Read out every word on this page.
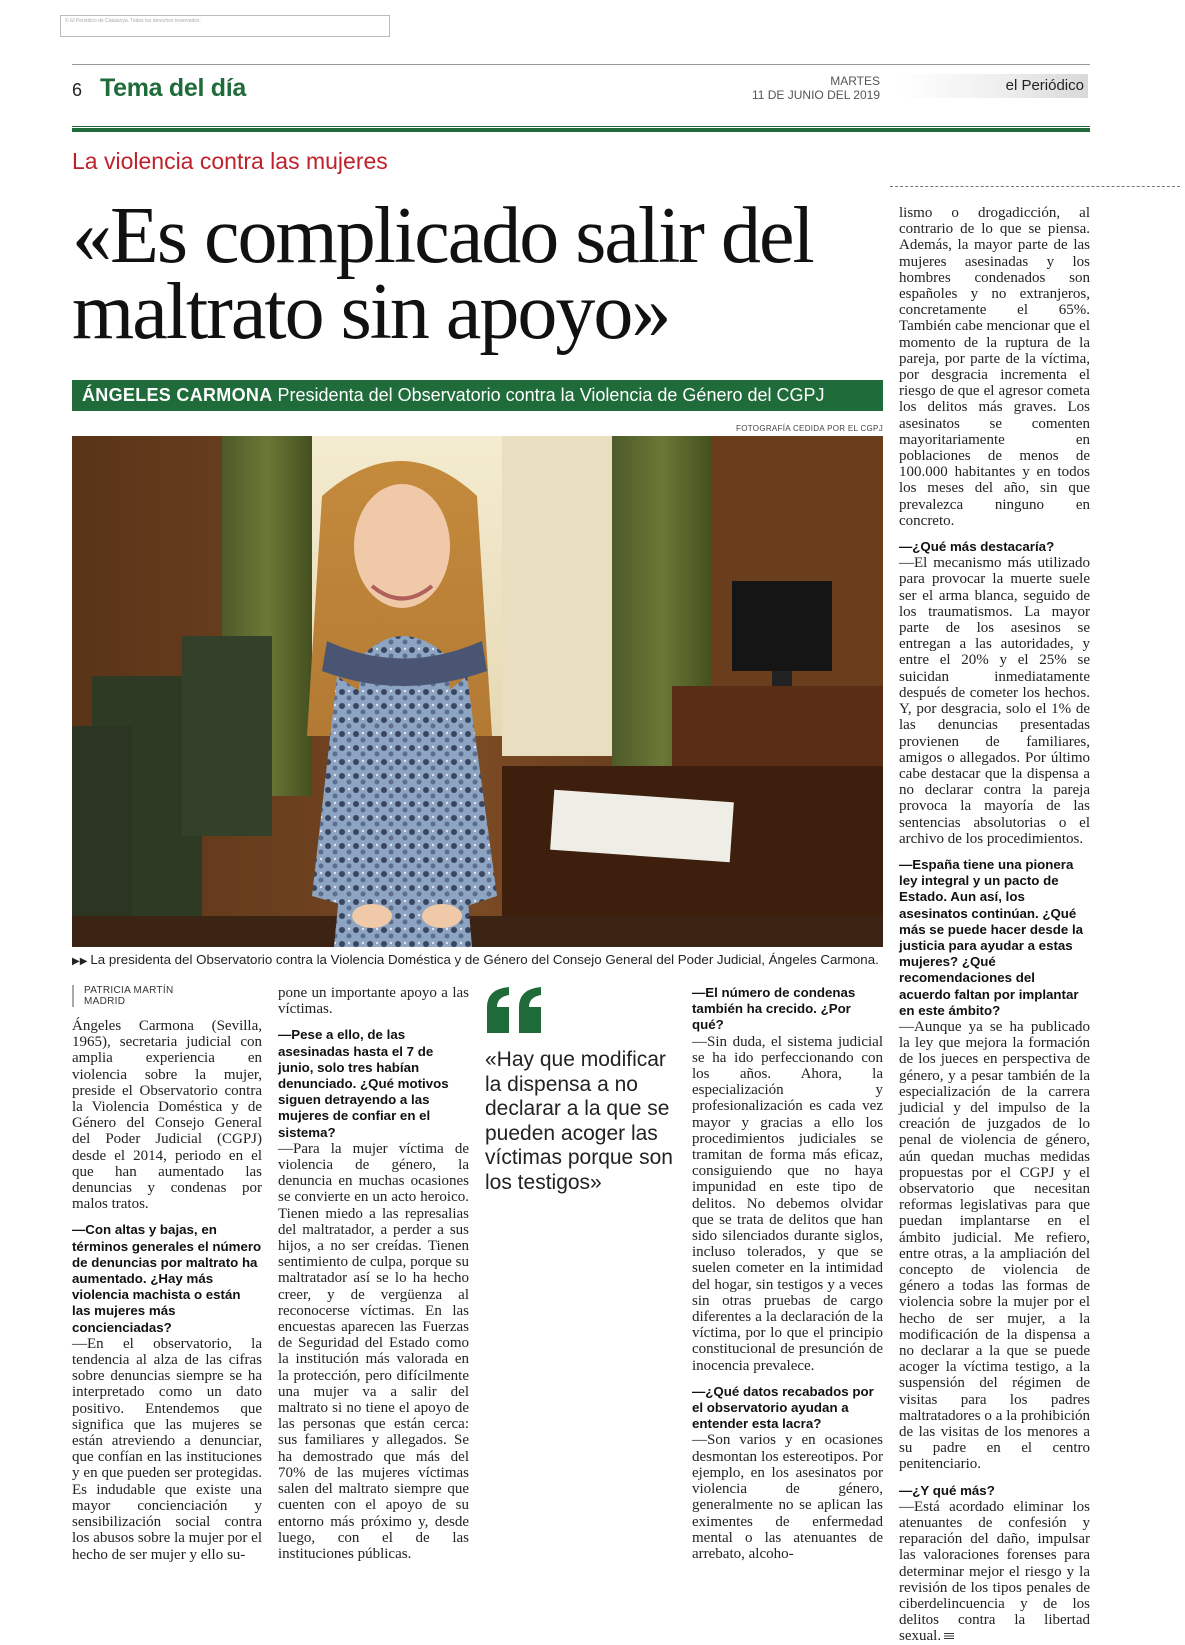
© El Periódico de Catalunya. Todos los derechos reservados.
6 Tema del día	MARTES
11 DE JUNIO DEL 2019
el Periódico
La violencia contra las mujeres
«Es complicado salir del maltrato sin apoyo»
ÁNGELES CARMONA Presidenta del Observatorio contra la Violencia de Género del CGPJ
FOTOGRAFÍA CEDIDA POR EL CGPJ
▶▶ La presidenta del Observatorio contra la Violencia Doméstica y de Género del Consejo General del Poder Judicial, Ángeles Carmona.
PATRICIA MARTÍN
MADRID

Ángeles Carmona (Sevilla, 1965), secretaria judicial con amplia experiencia en violencia sobre la mujer, preside el Observatorio contra la Violencia Doméstica y de Género del Consejo General del Poder Judicial (CGPJ) desde el 2014, periodo en el que han aumentado las denuncias y condenas por malos tratos.

—Con altas y bajas, en términos generales el número de denuncias por maltrato ha aumentado. ¿Hay más violencia machista o están las mujeres más concienciadas?

—En el observatorio, la tendencia al alza de las cifras sobre denuncias siempre se ha interpretado como un dato positivo. Entendemos que significa que las mujeres se están atreviendo a denunciar, que confían en las instituciones y en que pueden ser protegidas. Es indudable que existe una mayor concienciación y sensibilización social contra los abusos sobre la mujer por el hecho de ser mujer y ello su-

pone un importante apoyo a las víctimas.

—Pese a ello, de las asesinadas hasta el 7 de junio, solo tres habían denunciado. ¿Qué motivos siguen detrayendo a las mujeres de confiar en el sistema?

—Para la mujer víctima de violencia de género, la denuncia en muchas ocasiones se convierte en un acto heroico. Tienen miedo a las represalias del maltratador, a perder a sus hijos, a no ser creídas. Tienen sentimiento de culpa, porque su maltratador así se lo ha hecho creer, y de vergüenza al reconocerse víctimas. En las encuestas aparecen las Fuerzas de Seguridad del Estado como la institución más valorada en la protección, pero difícilmente una mujer va a salir del maltrato si no tiene el apoyo de las personas que están cerca: sus familiares y allegados. Se ha demostrado que más del 70% de las mujeres víctimas salen del maltrato siempre que cuenten con el apoyo de su entorno más próximo y, desde luego, con el de las instituciones públicas.

«Hay que modificar la dispensa a no declarar a la que se pueden acoger las víctimas porque son los testigos»

—El número de condenas también ha crecido. ¿Por qué?

—Sin duda, el sistema judicial se ha ido perfeccionando con los años. Ahora, la especialización y profesionalización es cada vez mayor y gracias a ello los procedimientos judiciales se tramitan de forma más eficaz, consiguiendo que no haya impunidad en este tipo de delitos. No debemos olvidar que se trata de delitos que han sido silenciados durante siglos, incluso tolerados, y que se suelen cometer en la intimidad del hogar, sin testigos y a veces sin otras pruebas de cargo diferentes a la declaración de la víctima, por lo que el principio constitucional de presunción de inocencia prevalece.

—¿Qué datos recabados por el observatorio ayudan a entender esta lacra?

—Son varios y en ocasiones desmontan los estereotipos. Por ejemplo, en los asesinatos por violencia de género, generalmente no se aplican las eximentes de enfermedad mental o las atenuantes de arrebato, alcoho-

lismo o drogadicción, al contrario de lo que se piensa. Además, la mayor parte de las mujeres asesinadas y los hombres condenados son españoles y no extranjeros, concretamente el 65%. También cabe mencionar que el momento de la ruptura de la pareja, por parte de la víctima, por desgracia incrementa el riesgo de que el agresor cometa los delitos más graves. Los asesinatos se comenten mayoritariamente en poblaciones de menos de 100.000 habitantes y en todos los meses del año, sin que prevalezca ninguno en concreto.

—¿Qué más destacaría?

—El mecanismo más utilizado para provocar la muerte suele ser el arma blanca, seguido de los traumatismos. La mayor parte de los asesinos se entregan a las autoridades, y entre el 20% y el 25% se suicidan inmediatamente después de cometer los hechos. Y, por desgracia, solo el 1% de las denuncias presentadas provienen de familiares, amigos o allegados. Por último cabe destacar que la dispensa a no declarar contra la pareja provoca la mayoría de las sentencias absolutorias o el archivo de los procedimientos.

—España tiene una pionera ley integral y un pacto de Estado. Aun así, los asesinatos continúan. ¿Qué más se puede hacer desde la justicia para ayudar a estas mujeres? ¿Qué recomendaciones del acuerdo faltan por implantar en este ámbito?

—Aunque ya se ha publicado la ley que mejora la formación de los jueces en perspectiva de género, y a pesar también de la especialización de la carrera judicial y del impulso de la creación de juzgados de lo penal de violencia de género, aún quedan muchas medidas propuestas por el CGPJ y el observatorio que necesitan reformas legislativas para que puedan implantarse en el ámbito judicial. Me refiero, entre otras, a la ampliación del concepto de violencia de género a todas las formas de violencia sobre la mujer por el hecho de ser mujer, a la modificación de la dispensa a no declarar a la que se puede acoger la víctima testigo, a la suspensión del régimen de visitas para los padres maltratadores o a la prohibición de las visitas de los menores a su padre en el centro penitenciario.

—¿Y qué más?

—Está acordado eliminar los atenuantes de confesión y reparación del daño, impulsar las valoraciones forenses para determinar mejor el riesgo y la revisión de los tipos penales de ciberdelincuencia y de los delitos contra la libertad sexual.
